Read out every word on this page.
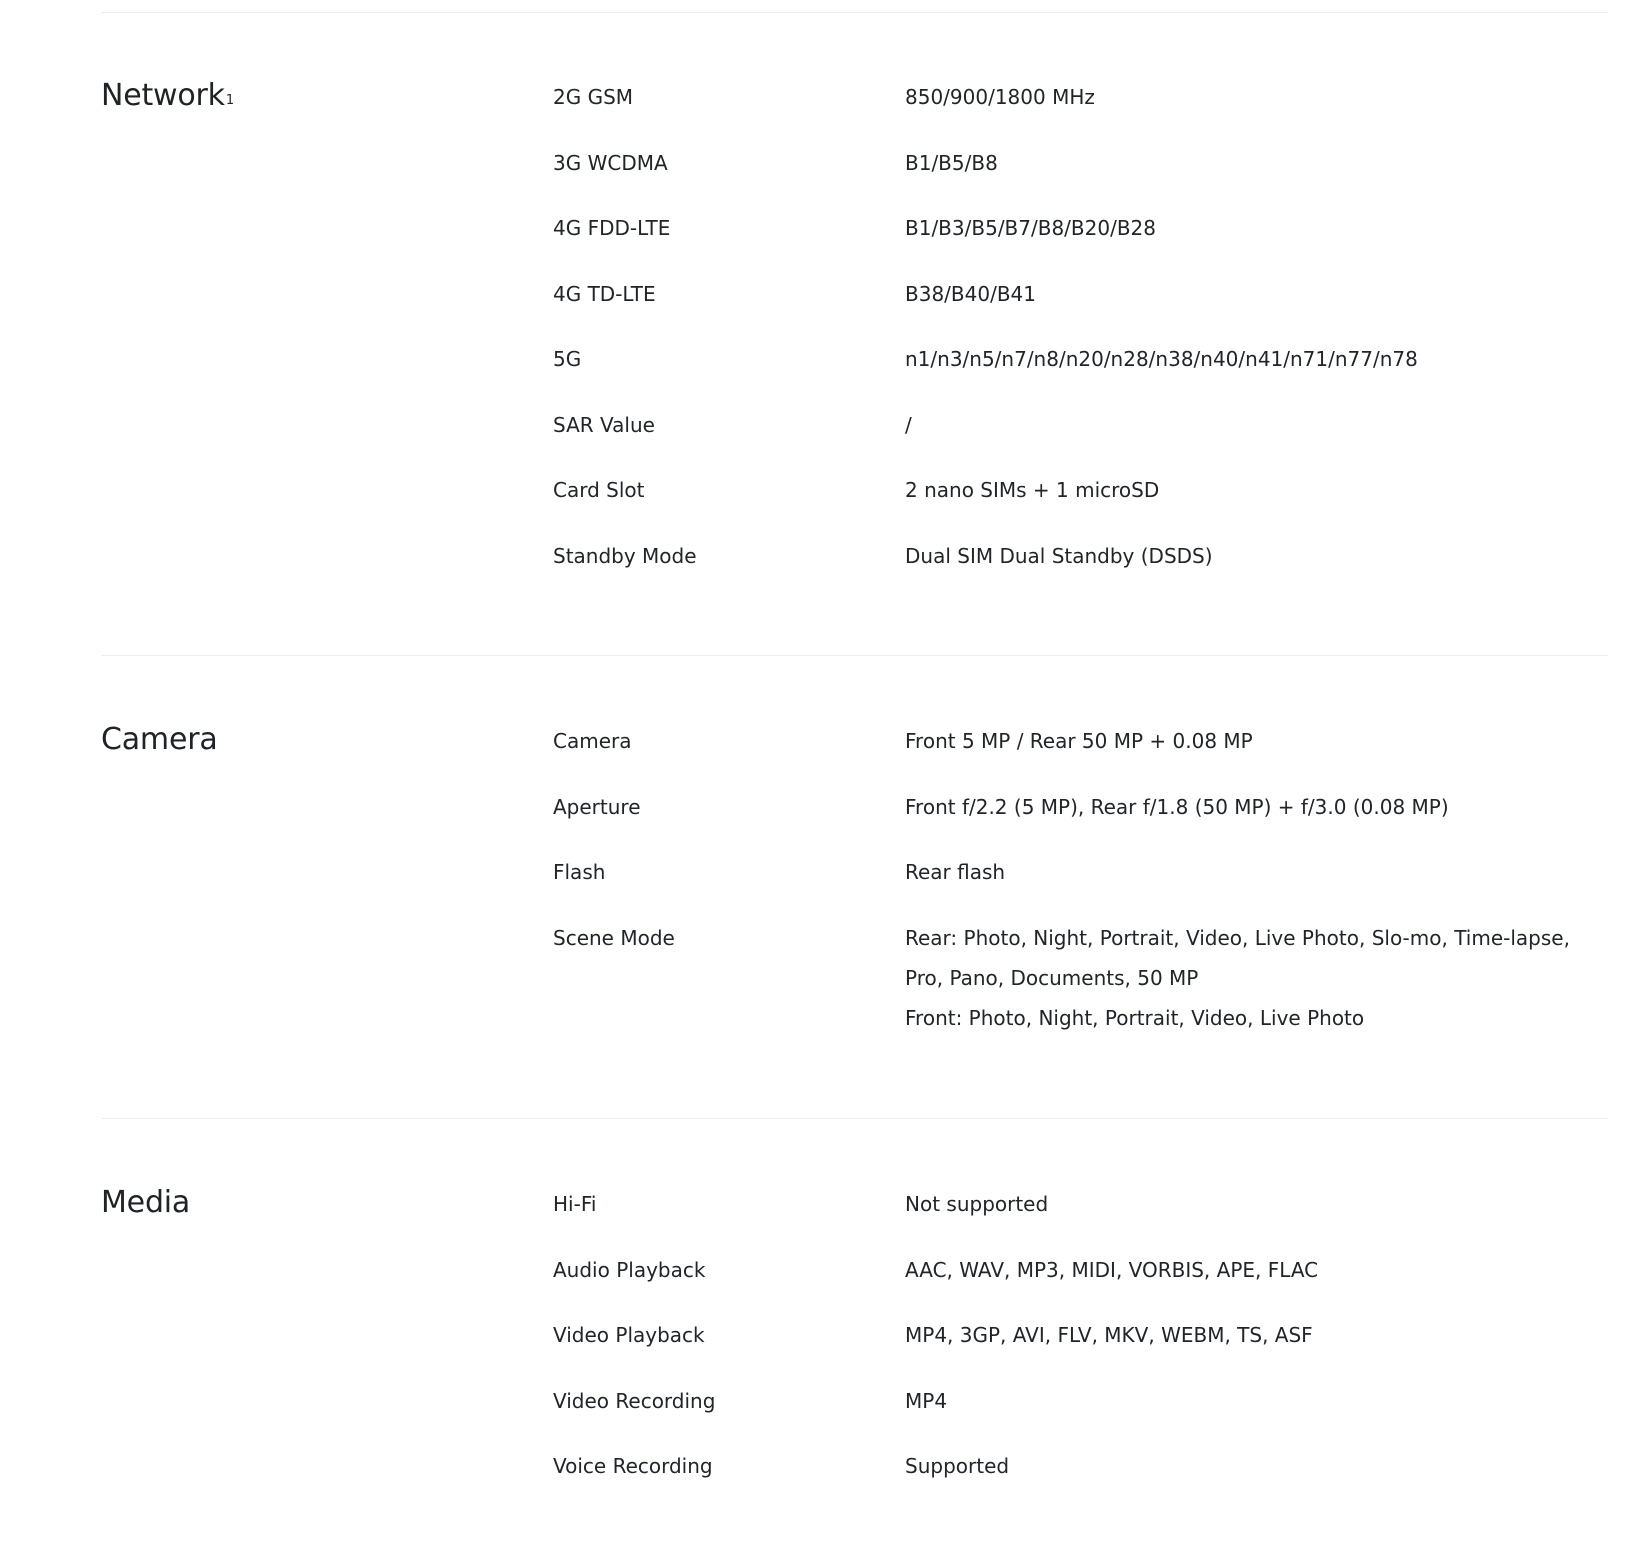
Network$^1$	2G GSM	850/900/1800 MHz
3G WCDMA	B1/B5/B8
4G FDD-LTE	B1/B3/B5/B7/B8/B20/B28
4G TD-LTE	B38/B40/B41
5G	n1/n3/n5/n7/n8/n20/n28/n38/n40/n41/n71/n77/n78
SAR Value	/
Card Slot	2 nano SIMs + 1 microSD
Standby Mode	Dual SIM Dual Standby (DSDS)
Camera	Camera	Front 5 MP / Rear 50 MP + 0.08 MP
Aperture	Front f/2.2 (5 MP), Rear f/1.8 (50 MP) + f/3.0 (0.08 MP)
Flash	Rear flash
Scene Mode	Rear: Photo, Night, Portrait, Video, Live Photo, Slo-mo, Time-lapse, Pro, Pano, Documents, 50 MP
Front: Photo, Night, Portrait, Video, Live Photo
Media	Hi-Fi	Not supported
Audio Playback	AAC, WAV, MP3, MIDI, VORBIS, APE, FLAC
Video Playback	MP4, 3GP, AVI, FLV, MKV, WEBM, TS, ASF
Video Recording	MP4
Voice Recording	Supported
